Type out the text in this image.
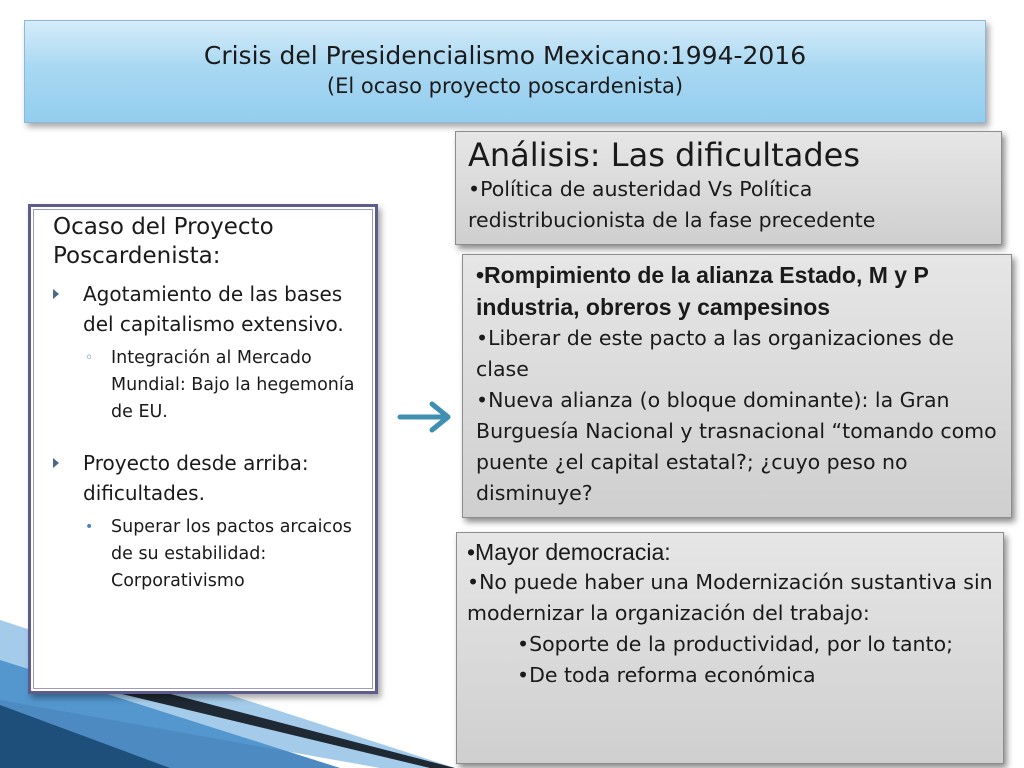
Crisis del Presidencialismo Mexicano:1994-2016
(El ocaso proyecto poscardenista)
Ocaso del Proyecto Poscardenista:
Agotamiento de las bases del capitalismo extensivo.
◦ Integración al Mercado Mundial: Bajo la hegemonía de EU.
Proyecto desde arriba: dificultades.
• Superar los pactos arcaicos de su estabilidad: Corporativismo
Análisis: Las dificultades
•Política de austeridad Vs Política redistribucionista de la fase precedente
•Rompimiento de la alianza Estado, M y P industria, obreros y campesinos
•Liberar de este pacto a las organizaciones de clase
•Nueva alianza (o bloque dominante): la Gran Burguesía Nacional y trasnacional “tomando como puente ¿el capital estatal?; ¿cuyo peso no disminuye?
•Mayor democracia:
•No puede haber una Modernización sustantiva sin modernizar la organización del trabajo:
•Soporte de la productividad, por lo tanto;
•De toda reforma económica
